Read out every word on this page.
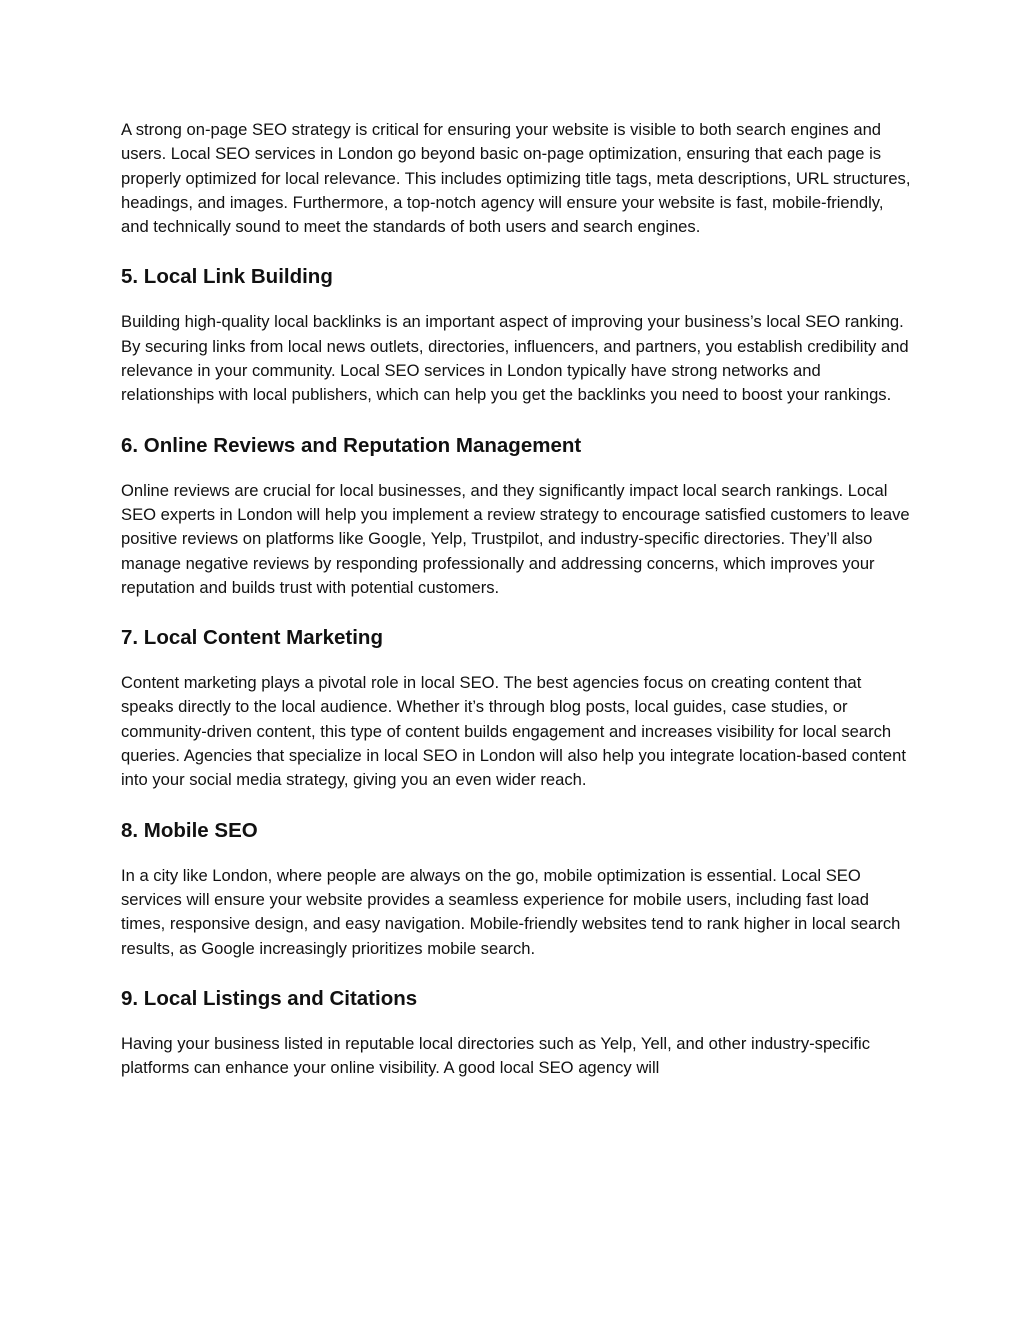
A strong on-page SEO strategy is critical for ensuring your website is visible to both search engines and users. Local SEO services in London go beyond basic on-page optimization, ensuring that each page is properly optimized for local relevance. This includes optimizing title tags, meta descriptions, URL structures, headings, and images. Furthermore, a top-notch agency will ensure your website is fast, mobile-friendly, and technically sound to meet the standards of both users and search engines.

5. Local Link Building

Building high-quality local backlinks is an important aspect of improving your business’s local SEO ranking. By securing links from local news outlets, directories, influencers, and partners, you establish credibility and relevance in your community. Local SEO services in London typically have strong networks and relationships with local publishers, which can help you get the backlinks you need to boost your rankings.

6. Online Reviews and Reputation Management

Online reviews are crucial for local businesses, and they significantly impact local search rankings. Local SEO experts in London will help you implement a review strategy to encourage satisfied customers to leave positive reviews on platforms like Google, Yelp, Trustpilot, and industry-specific directories. They’ll also manage negative reviews by responding professionally and addressing concerns, which improves your reputation and builds trust with potential customers.

7. Local Content Marketing

Content marketing plays a pivotal role in local SEO. The best agencies focus on creating content that speaks directly to the local audience. Whether it’s through blog posts, local guides, case studies, or community-driven content, this type of content builds engagement and increases visibility for local search queries. Agencies that specialize in local SEO in London will also help you integrate location-based content into your social media strategy, giving you an even wider reach.

8. Mobile SEO

In a city like London, where people are always on the go, mobile optimization is essential. Local SEO services will ensure your website provides a seamless experience for mobile users, including fast load times, responsive design, and easy navigation. Mobile-friendly websites tend to rank higher in local search results, as Google increasingly prioritizes mobile search.

9. Local Listings and Citations

Having your business listed in reputable local directories such as Yelp, Yell, and other industry-specific platforms can enhance your online visibility. A good local SEO agency will
